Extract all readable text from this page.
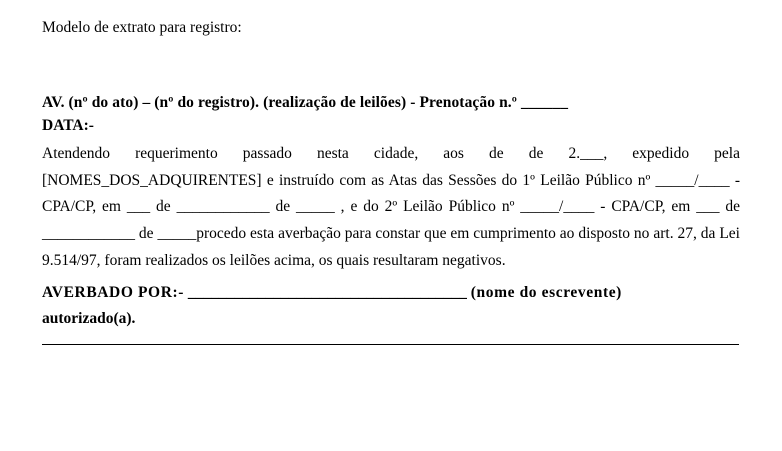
Modelo de extrato para registro:

AV. (nº do ato) – (nº do registro). (realização de leilões) - Prenotação n.º ______

DATA:-

Atendendo requerimento passado nesta cidade, aos de de 2.___, expedido pela [NOMES_DOS_ADQUIRENTES] e instruído com as Atas das Sessões do 1º Leilão Público nº _____/____ - CPA/CP, em ___ de ____________ de _____ , e do 2º Leilão Público nº _____/____ - CPA/CP, em ___ de ____________ de _____procedo esta averbação para constar que em cumprimento ao disposto no art. 27, da Lei 9.514/97, foram realizados os leilões acima, os quais resultaram negativos.

AVERBADO POR:- ____________________________________ (nome do escrevente)

autorizado(a).
